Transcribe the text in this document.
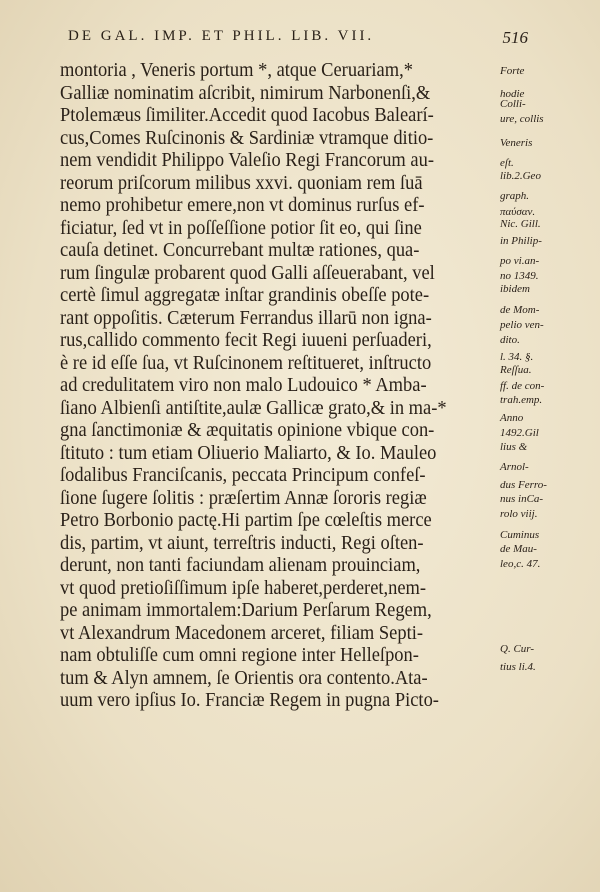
DE GAL. IMP. ET PHIL. LIB. VII.	516
montoria , Veneris portum *, atque Ceruariam,*
Galliæ nominatim aſcribit, nimirum Narbonenſi,&
Ptolemæus ſimiliter.Accedit quod Iacobus Balearí-
cus,Comes Ruſcinonis & Sardiniæ vtramque ditio-
nem vendidit Philippo Valeſio Regi Francorum au-
reorum priſcorum milibus xxvi. quoniam rem ſuā
nemo prohibetur emere,non vt dominus rurſus ef-
ficiatur, ſed vt in poſſeſſione potior ſit eo, qui ſine
cauſa detinet. Concurrebant multæ rationes, qua-
rum ſingulæ probarent quod Galli aſſeuerabant, vel
certè ſimul aggregatæ inſtar grandinis obeſſe pote-
rant oppoſitis. Cæterum Ferrandus illarū non igna-
rus,callido commento fecit Regi iuueni perſuaderi,
è re id eſſe ſua, vt Ruſcinonem reſtitueret, inſtructo
ad credulitatem viro non malo Ludouico * Amba-
ſiano Albienſi antiſtite,aulæ Gallicæ grato,& in ma-*
gna ſanctimoniæ & æquitatis opinione vbique con-
ſtituto : tum etiam Oliuerio Maliarto, & Io. Mauleo
ſodalibus Franciſcanis, peccata Principum confeſ-
ſione ſugere ſolitis : præſertim Annæ ſororis regiæ
Petro Borbonio pactę.Hi partim ſpe cœleſtis merce
dis, partim, vt aiunt, terreſtris inducti, Regi oſten-
derunt, non tanti faciundam alienam prouinciam,
vt quod pretioſiſſimum ipſe haberet,perderet,nem-
pe animam immortalem:Darium Perſarum Regem,
vt Alexandrum Macedonem arceret, filiam Septi-
nam obtuliſſe cum omni regione inter Helleſpon-
tum & Alyn amnem, ſe Orientis ora contento.Ata-
uum vero ipſius Io. Franciæ Regem in pugna Picto-
Forte
hodie
Colli-
ure, collis
Veneris
eſt.
lib.2.Geo
graph.
παύσαν.
Nic. Gill.
in Philip-
po vi.an-
no 1349.
ibidem
de Mom-
pelio ven-
dito.
l. 34. §.
Reſſua.
ff. de con-
trah.emp.
Anno
1492.Gil
lius &
Arnol-
dus Ferro-
nus inCa-
rolo viij.
Cuminus
de Mau-
leo,c. 47.
Q. Cur-
tius li.4.
